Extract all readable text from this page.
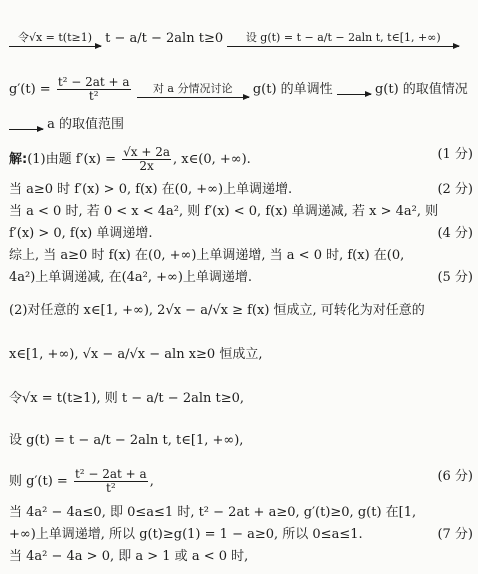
令√x = t(t≥1)	t − a/t − 2aln t≥0	设 g(t) = t − a/t − 2aln t, t∈[1, +∞)
$g'(t) = \frac{\text{t² − 2at + a}}{\text{t²}}$
	对 a 分情况讨论	g(t) 的单调性	g(t) 的取值情况
a 的取值范围
解:(1)由题 $f'(x) = \frac{√x + 2a}{2x}$ , x∈(0, +∞).	(1 分)
当 a≥0 时 f′(x) > 0, f(x) 在(0, +∞)上单调递增.	(2 分)
当 a < 0 时, 若 0 < x < 4a², 则 f′(x) < 0, f(x) 单调递减, 若 x > 4a², 则
f′(x) > 0, f(x) 单调递增.	(4 分)
综上, 当 a≥0 时 f(x) 在(0, +∞)上单调递增, 当 a < 0 时, f(x) 在(0,
4a²)上单调递减, 在(4a², +∞)上单调递增.	(5 分)
(2)对任意的 x∈[1, +∞), 2√x − a/√x ≥ f(x) 恒成立, 可转化为对任意的
x∈[1, +∞), √x − a/√x − aln x≥0 恒成立,
令√x = t(t≥1), 则 t − a/t − 2aln t≥0,
设 g(t) = t − a/t − 2aln t, t∈[1, +∞),
则 $g'(t) = \frac{\text{t² − 2at + a}}{\text{t²}}$ ,	(6 分)
当 4a² − 4a≤0, 即 0≤a≤1 时, t² − 2at + a≥0, g′(t)≥0, g(t) 在[1,
+∞)上单调递增, 所以 g(t)≥g(1) = 1 − a≥0, 所以 0≤a≤1.	(7 分)
当 4a² − 4a > 0, 即 a > 1 或 a < 0 时,
